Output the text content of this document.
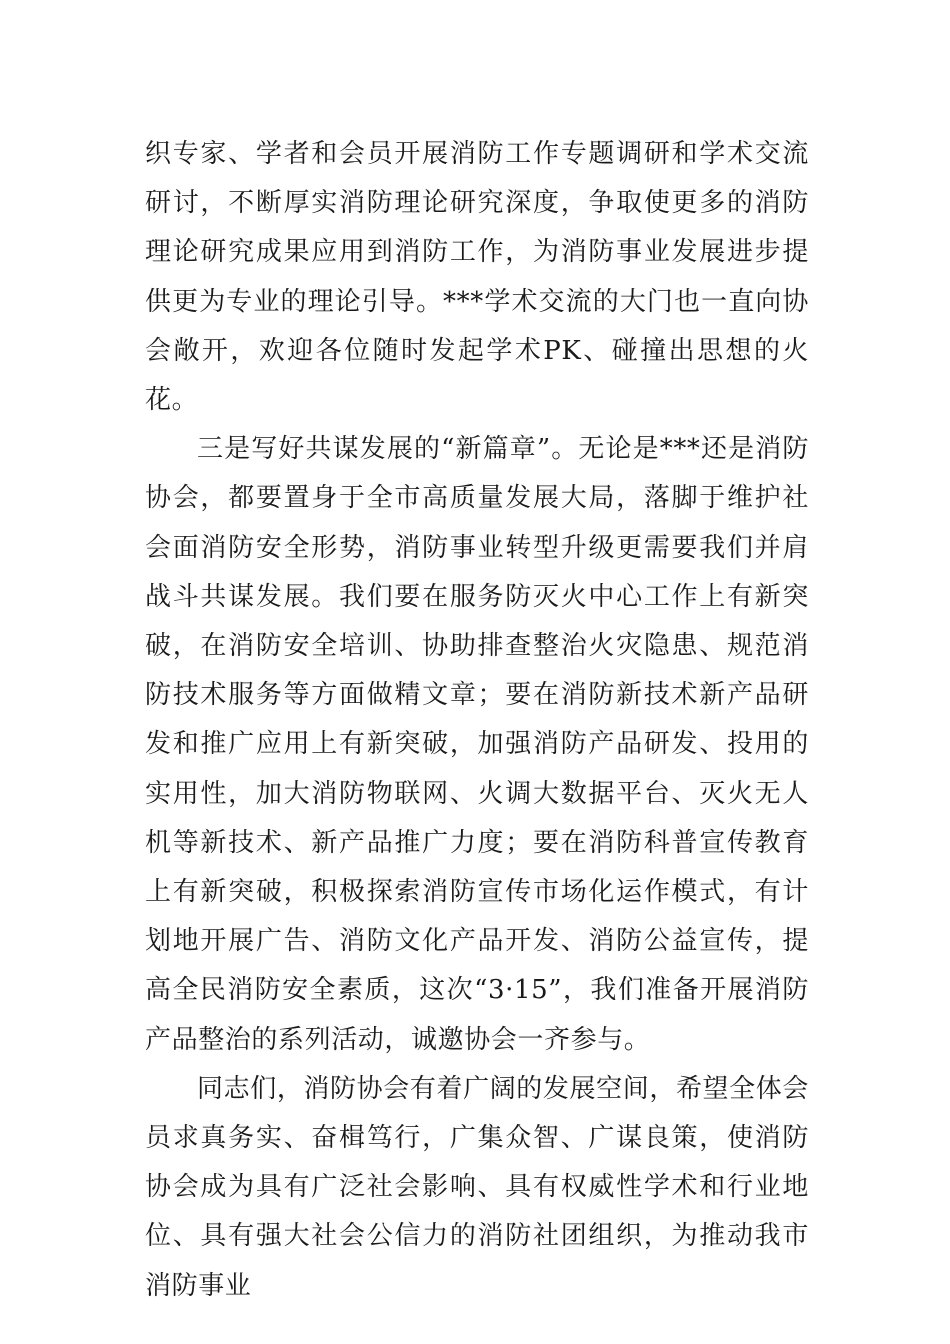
织专家、学者和会员开展消防工作专题调研和学术交流研讨，不断厚实消防理论研究深度，争取使更多的消防理论研究成果应用到消防工作，为消防事业发展进步提供更为专业的理论引导。***学术交流的大门也一直向协会敞开，欢迎各位随时发起学术PK、碰撞出思想的火花。

三是写好共谋发展的“新篇章”。无论是***还是消防协会，都要置身于全市高质量发展大局，落脚于维护社会面消防安全形势，消防事业转型升级更需要我们并肩战斗共谋发展。我们要在服务防灭火中心工作上有新突破，在消防安全培训、协助排查整治火灾隐患、规范消防技术服务等方面做精文章；要在消防新技术新产品研发和推广应用上有新突破，加强消防产品研发、投用的实用性，加大消防物联网、火调大数据平台、灭火无人机等新技术、新产品推广力度；要在消防科普宣传教育上有新突破，积极探索消防宣传市场化运作模式，有计划地开展广告、消防文化产品开发、消防公益宣传，提高全民消防安全素质，这次“3·15”，我们准备开展消防产品整治的系列活动，诚邀协会一齐参与。

同志们，消防协会有着广阔的发展空间，希望全体会员求真务实、奋楫笃行，广集众智、广谋良策，使消防协会成为具有广泛社会影响、具有权威性学术和行业地位、具有强大社会公信力的消防社团组织，为推动我市消防事业
